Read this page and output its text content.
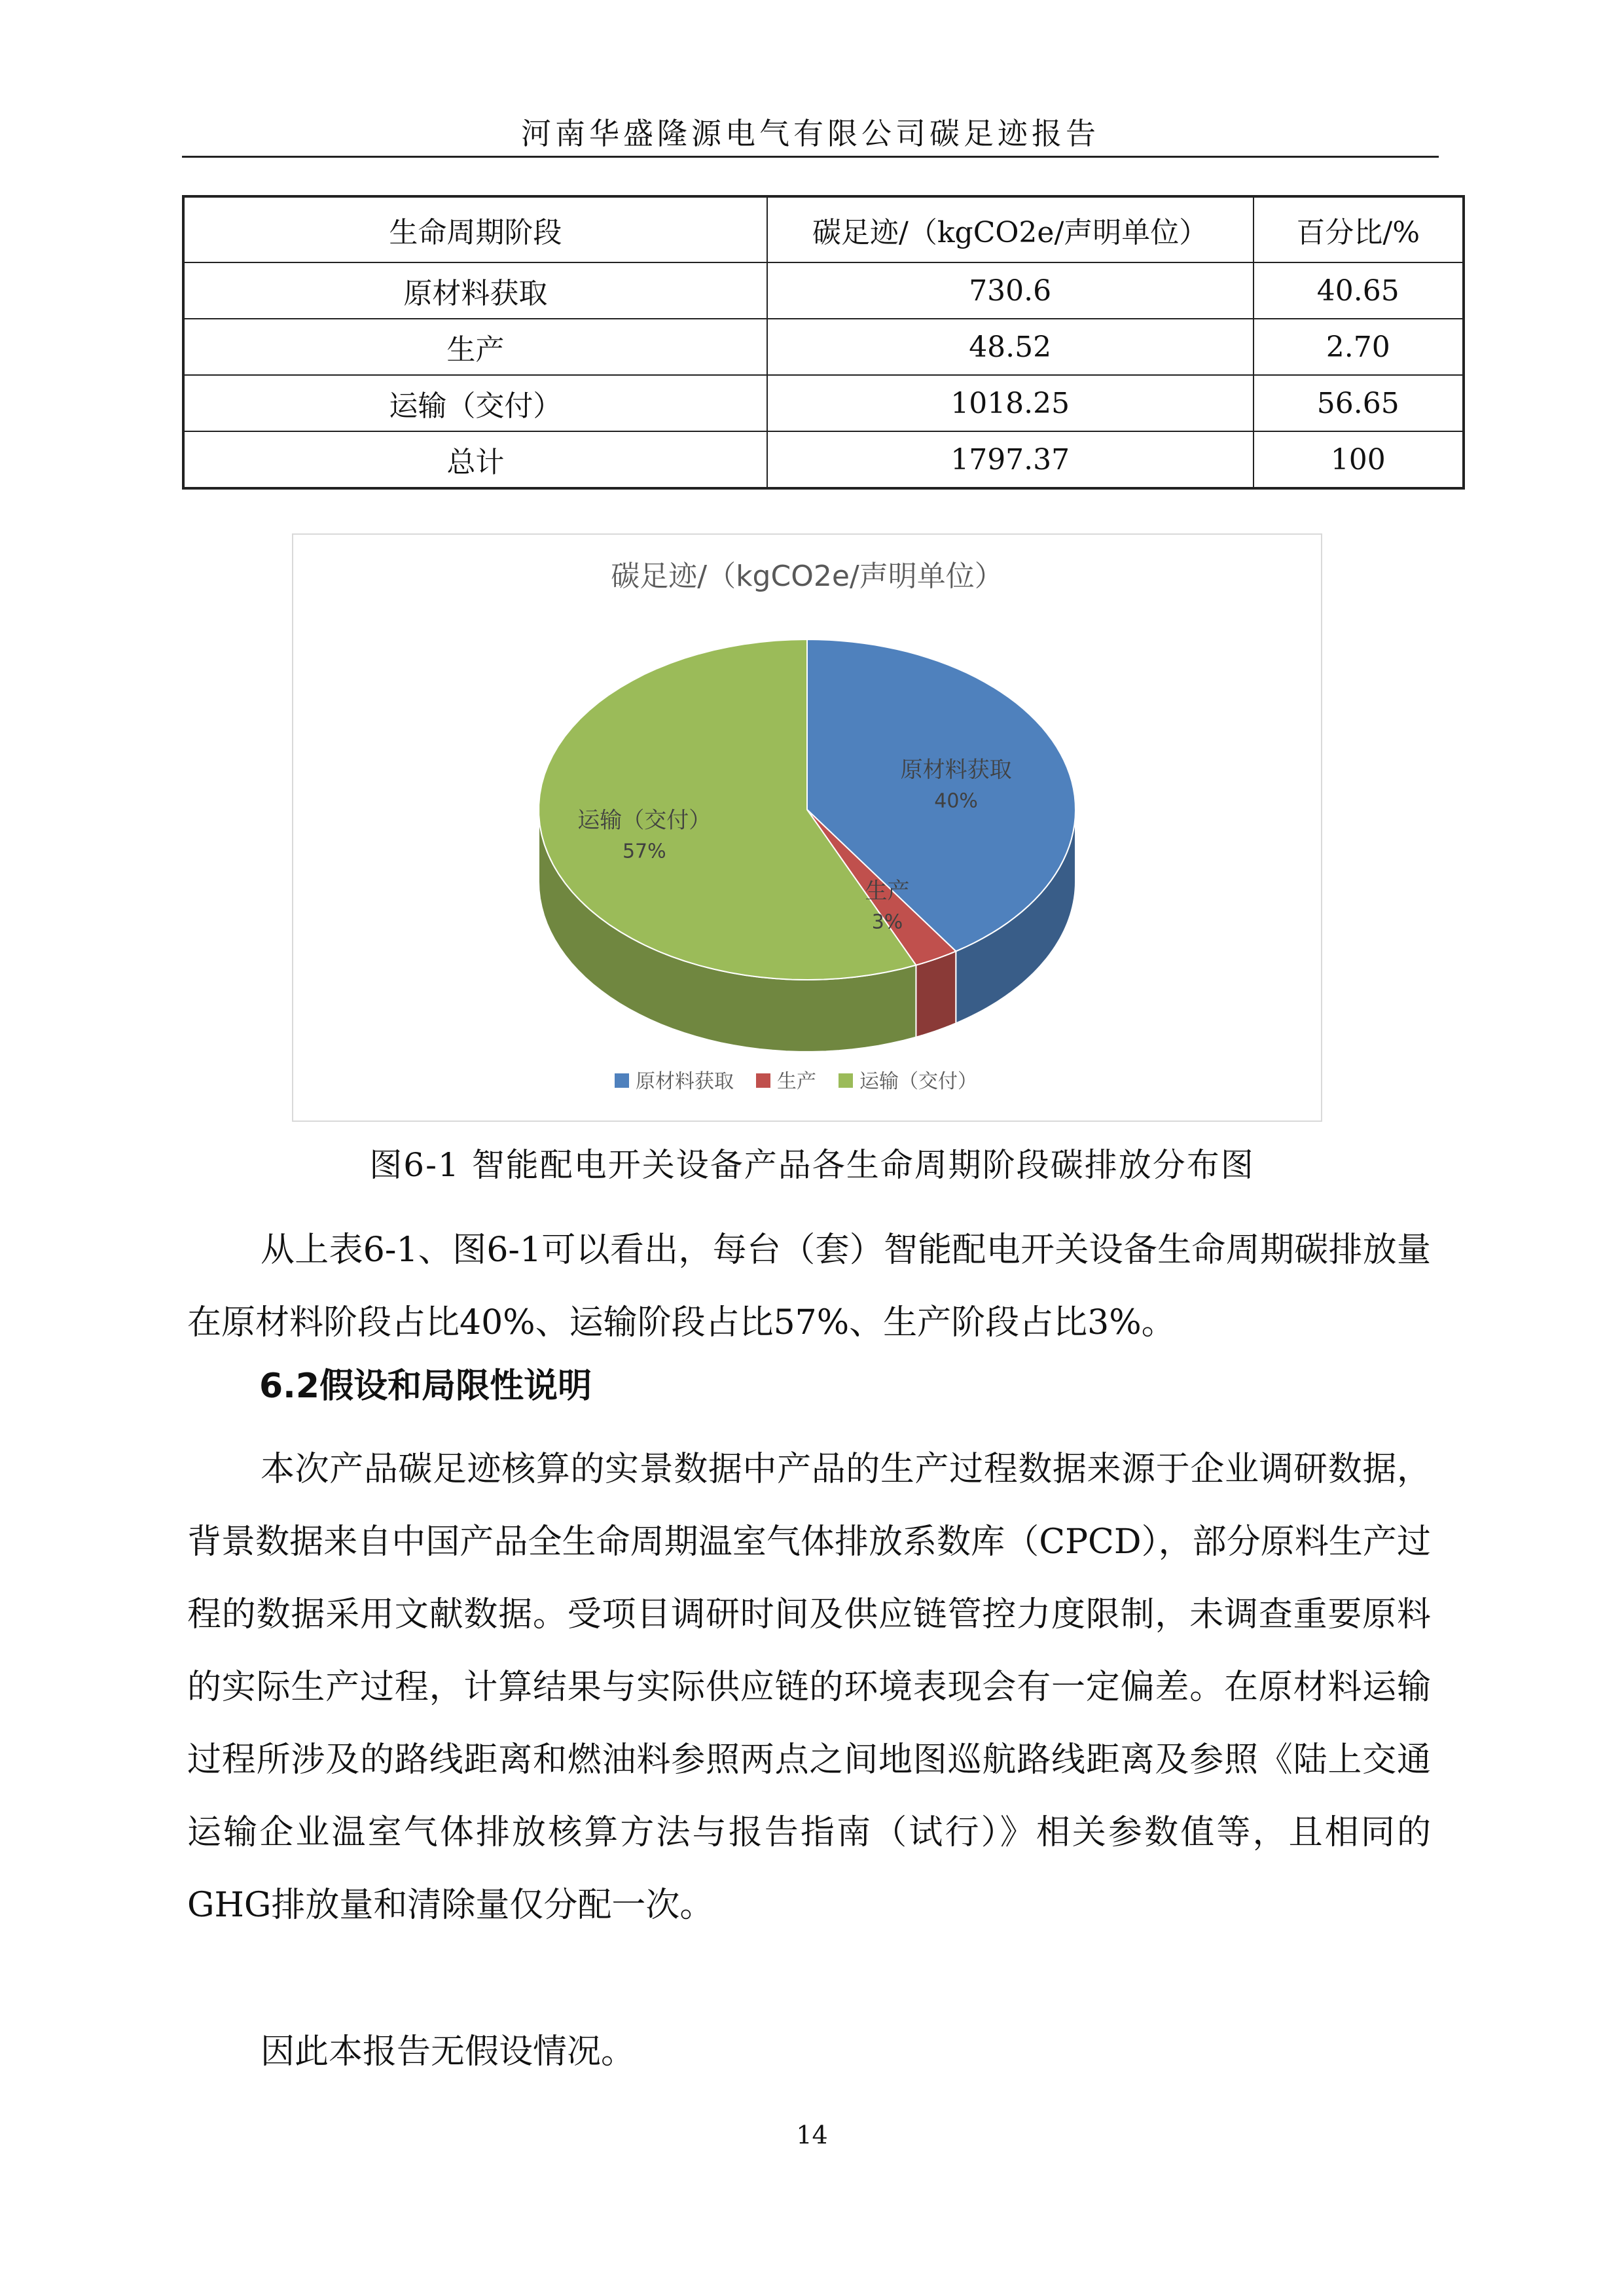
河南华盛隆源电气有限公司碳足迹报告
生命周期阶段	碳足迹/（kgCO2e/声明单位）	百分比/%
原材料获取	730.6	40.65
生产	48.52	2.70
运输（交付）	1018.25	56.65
总计	1797.37	100
碳足迹/（kgCO2e/声明单位）
原材料获取
40%
生产
3%
运输（交付）
57%
原材料获取 生产 运输（交付）
图6-1 智能配电开关设备产品各生命周期阶段碳排放分布图

从上表6-1、图6-1可以看出，每台（套）智能配电开关设备生命周期碳排放量在原材料阶段占比40%、运输阶段占比57%、生产阶段占比3%。

6.2假设和局限性说明

本次产品碳足迹核算的实景数据中产品的生产过程数据来源于企业调研数据，背景数据来自中国产品全生命周期温室气体排放系数库（CPCD），部分原料生产过程的数据采用文献数据。受项目调研时间及供应链管控力度限制，未调查重要原料的实际生产过程，计算结果与实际供应链的环境表现会有一定偏差。在原材料运输过程所涉及的路线距离和燃油料参照两点之间地图巡航路线距离及参照《陆上交通运输企业温室气体排放核算方法与报告指南（试行）》相关参数值等，且相同的GHG排放量和清除量仅分配一次。

因此本报告无假设情况。

14
